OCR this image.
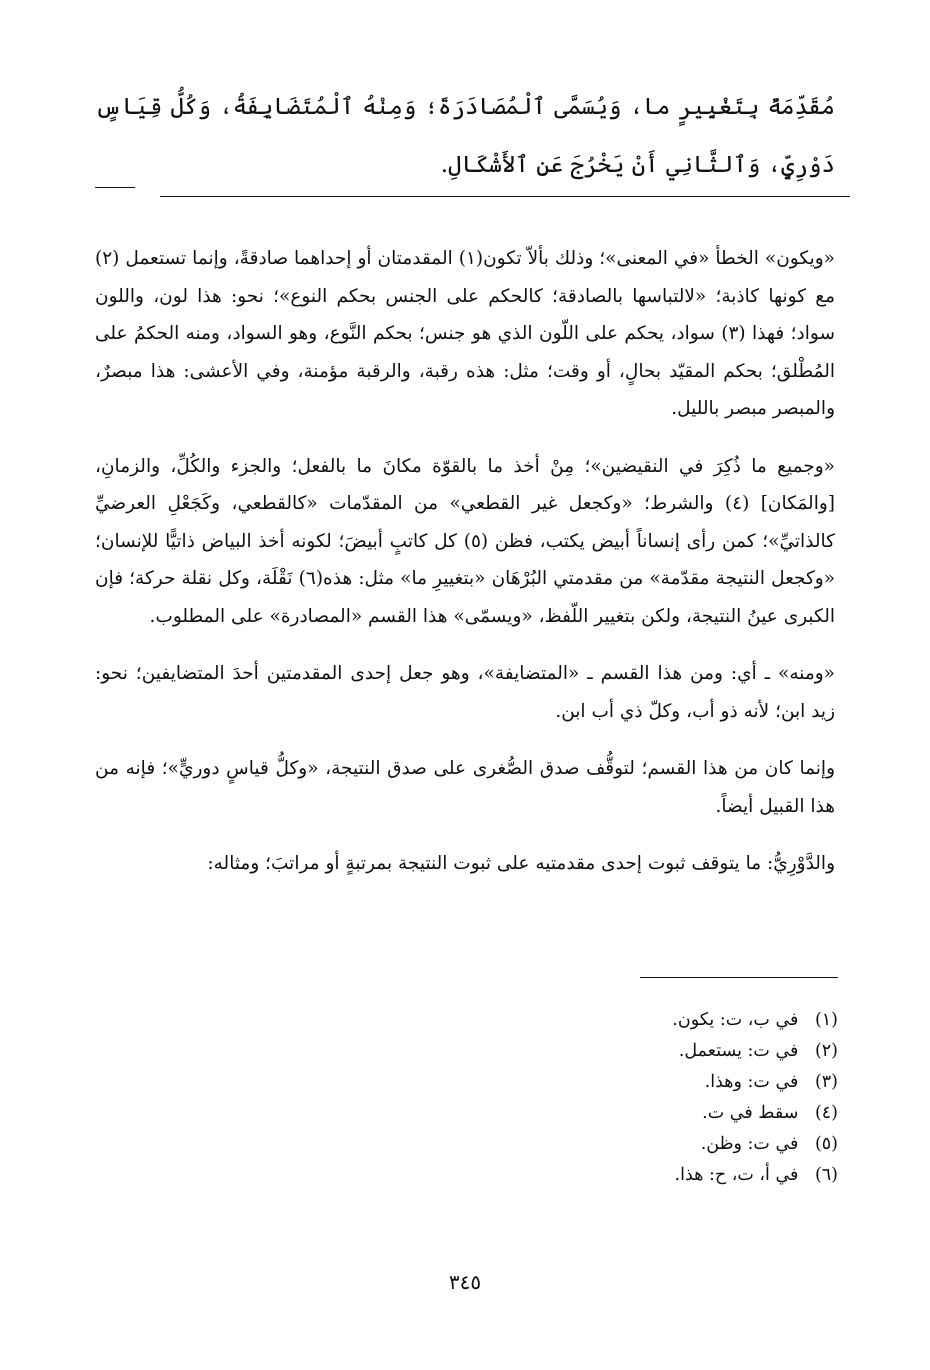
مُقَدِّمَةً بِتَغْيِيرٍ ما، وَيُسَمَّى ٱلْمُصَادَرَةَ؛ وَمِنْهُ ٱلْمُتَضَايِفَةُ، وَكُلُّ قِيَاسٍ دَوْرِيٍّ، وَٱلثَّانِي أَنْ يَخْرُجَ عَنِ ٱلأَشْكَالِ.

«ويكون» الخطأ «في المعنى»؛ وذلك بألاّ تكون(١) المقدمتان أو إحداهما صادقةً، وإنما تستعمل (٢) مع كونها كاذبة؛ «لالتباسها بالصادقة؛ كالحكم على الجنس بحكم النوع»؛ نحو: هذا لون، واللون سواد؛ فهذا (٣) سواد، يحكم على اللّون الذي هو جنس؛ بحكم النَّوع، وهو السواد، ومنه الحكمُ على المُطْلق؛ بحكم المقيّد بحالٍ، أو وقت؛ مثل: هذه رقبة، والرقبة مؤمنة، وفي الأعشى: هذا مبصرٌ، والمبصر مبصر بالليل.

«وجميع ما ذُكِرَ في النقيضين»؛ مِنْ أخذ ما بالقوّة مكانَ ما بالفعل؛ والجزء والكُلِّ، والزمانِ، [والمَكان] (٤) والشرط؛ «وكجعل غير القطعي» من المقدّمات «كالقطعي، وكَجَعْلِ العرضيِّ كالذاتيِّ»؛ كمن رأى إنساناً أبيض يكتب، فظن (٥) كل كاتبٍ أبيضَ؛ لكونه أخذ البياض ذاتيًّا للإنسان؛ «وكجعل النتيجة مقدّمة» من مقدمتي البُرْهَان «بتغييرِ ما» مثل: هذه(٦) نَقْلَة، وكل نقلة حركة؛ فإن الكبرى عينُ النتيجة، ولكن بتغيير اللّفظ، «ويسمّى» هذا القسم «المصادرة» على المطلوب.

«ومنه» ـ أي: ومن هذا القسم ـ «المتضايفة»، وهو جعل إحدى المقدمتين أحدَ المتضايفين؛ نحو: زيد ابن؛ لأنه ذو أب، وكلّ ذي أب ابن.

وإنما كان من هذا القسم؛ لتوقُّف صدق الصُّغرى على صدق النتيجة، «وكلُّ قياسٍ دوريٍّ»؛ فإنه من هذا القبيل أيضاً.

والدَّوْرِيُّ: ما يتوقف ثبوت إحدى مقدمتيه على ثبوت النتيجة بمرتبةٍ أو مراتبَ؛ ومثاله:

(١) في ب، ت: يكون.
(٢) في ت: يستعمل.
(٣) في ت: وهذا.
(٤) سقط في ت.
(٥) في ت: وظن.
(٦) في أ، ت، ح: هذا.
٣٤٥
